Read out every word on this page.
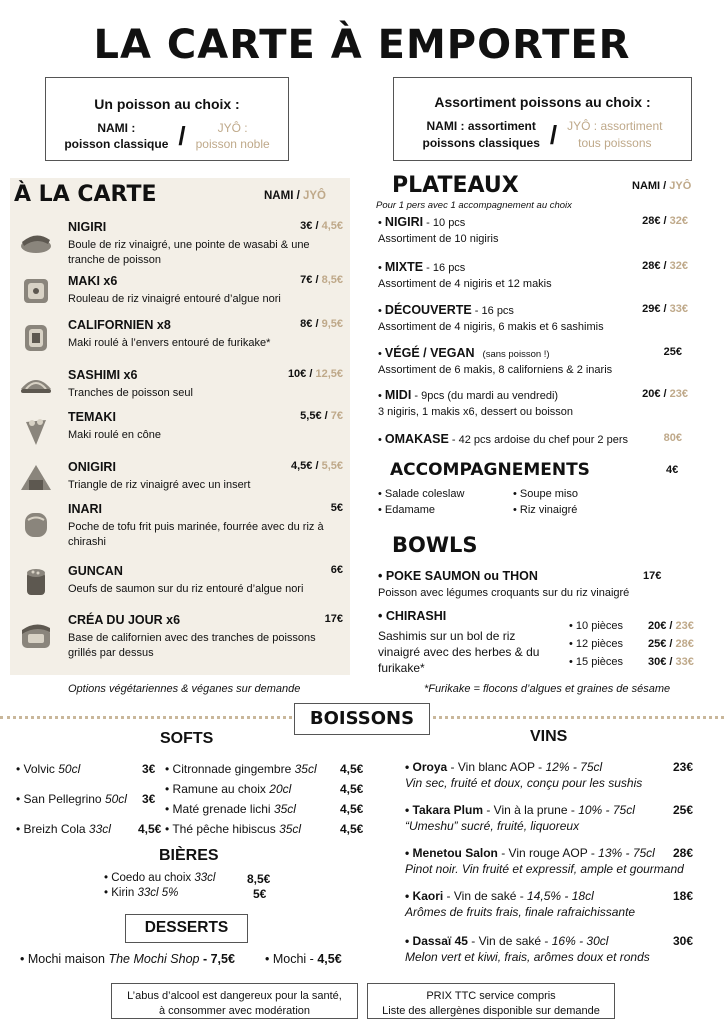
LA CARTE À EMPORTER
Un poisson au choix :
NAMI :
poisson classique /	JYÔ :
poisson noble
Assortiment poissons au choix :
NAMI : assortiment
poissons classiques / JYÔ : assortiment
tous poissons
À LA CARTE	NAMI / JYÔ
NIGIRI	3€ / 4,5€
Boule de riz vinaigré, une pointe de wasabi & une tranche de poisson
MAKI x6	7€ / 8,5€
Rouleau de riz vinaigré entouré d’algue nori
CALIFORNIEN x8	8€ / 9,5€
Maki roulé à l’envers entouré de furikake*
SASHIMI x6	10€ / 12,5€
Tranches de poisson seul
TEMAKI	5,5€ / 7€
Maki roulé en cône
ONIGIRI	4,5€ / 5,5€
Triangle de riz vinaigré avec un insert
INARI	5€
Poche de tofu frit puis marinée, fourrée avec du riz à chirashi
GUNCAN	6€
Oeufs de saumon sur du riz entouré d’algue nori
CRÉA DU JOUR x6	17€
Base de californien avec des tranches de poissons grillés par dessus
Options végétariennes & véganes sur demande
PLATEAUX	NAMI / JYÔ
Pour 1 pers avec 1 accompagnement au choix
• NIGIRI - 10 pcs	28€ / 32€
Assortiment de 10 nigiris
• MIXTE - 16 pcs	28€ / 32€
Assortiment de 4 nigiris et 12 makis
• DÉCOUVERTE - 16 pcs	29€ / 33€
Assortiment de 4 nigiris, 6 makis et 6 sashimis
• VÉGÉ / VEGAN (sans poisson !)	25€
Assortiment de 6 makis, 8 californiens & 2 inaris
• MIDI - 9pcs (du mardi au vendredi)	20€ / 23€
3 nigiris, 1 makis x6, dessert ou boisson
• OMAKASE - 42 pcs ardoise du chef pour 2 pers	80€
ACCOMPAGNEMENTS	4€
• Salade coleslaw	• Soupe miso
• Edamame	• Riz vinaigré
BOWLS
• POKE SAUMON ou THON	17€
Poisson avec légumes croquants sur du riz vinaigré
• CHIRASHI
Sashimis sur un bol de riz vinaigré avec des herbes & du furikake*
• 10 pièces 20€ / 23€
• 12 pièces 25€ / 28€
• 15 pièces 30€ / 33€
*Furikake = flocons d’algues et graines de sésame
BOISSONS
SOFTS
• Volvic 50cl	3€
• San Pellegrino 50cl 3€
• Breizh Cola 33cl 4,5€
• Citronnade gingembre 35cl 4,5€
• Ramune au choix 20cl	4,5€
• Maté grenade lichi 35cl	4,5€
• Thé pêche hibiscus 35cl	4,5€
BIÈRES
• Coedo au choix 33cl	8,5€
• Kirin 33cl 5%	5€
VINS
• Oroya - Vin blanc AOP - 12% - 75cl	23€
Vin sec, fruité et doux, conçu pour les sushis
• Takara Plum - Vin à la prune - 10% - 75cl	25€
“Umeshu” sucré, fruité, liquoreux
• Menetou Salon - Vin rouge AOP - 13% - 75cl	28€
Pinot noir. Vin fruité et expressif, ample et gourmand
• Kaori - Vin de saké - 14,5% - 18cl	18€
Arômes de fruits frais, finale rafraichissante
• Dassaï 45 - Vin de saké - 16% - 30cl	30€
Melon vert et kiwi, frais, arômes doux et ronds
DESSERTS
• Mochi maison The Mochi Shop - 7,5€ • Mochi - 4,5€
L’abus d’alcool est dangereux pour la santé,
à consommer avec modération
PRIX TTC service compris
Liste des allergènes disponible sur demande
